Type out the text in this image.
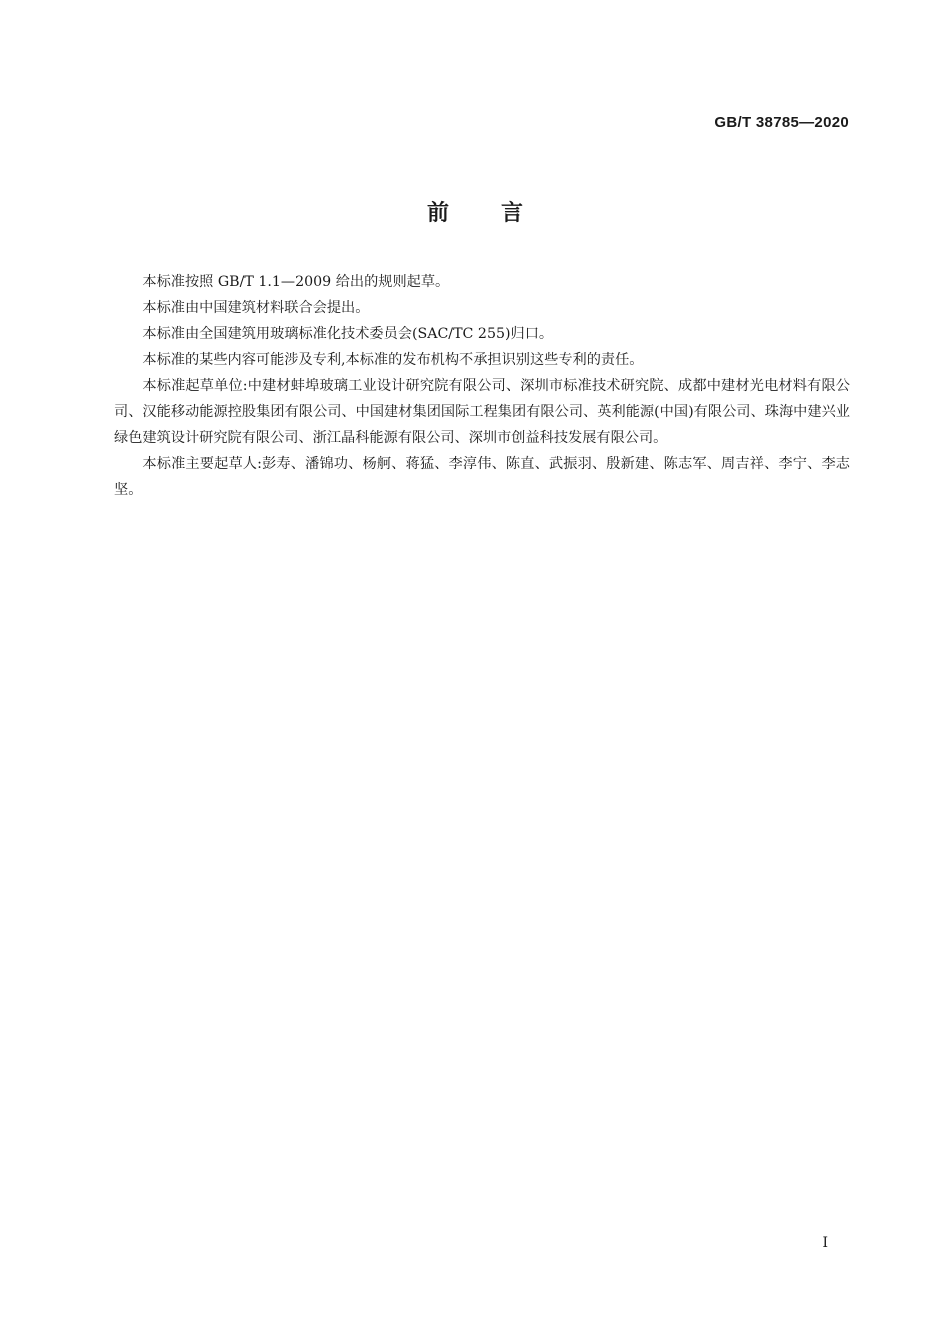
GB/T 38785—2020
前言

本标准按照 GB/T 1.1—2009 给出的规则起草。

本标准由中国建筑材料联合会提出。

本标准由全国建筑用玻璃标准化技术委员会(SAC/TC 255)归口。

本标准的某些内容可能涉及专利,本标准的发布机构不承担识别这些专利的责任。

本标准起草单位:中建材蚌埠玻璃工业设计研究院有限公司、深圳市标准技术研究院、成都中建材光电材料有限公司、汉能移动能源控股集团有限公司、中国建材集团国际工程集团有限公司、英利能源(中国)有限公司、珠海中建兴业绿色建筑设计研究院有限公司、浙江晶科能源有限公司、深圳市创益科技发展有限公司。

本标准主要起草人:彭寿、潘锦功、杨舸、蒋猛、李淳伟、陈直、武振羽、殷新建、陈志军、周吉祥、李宁、李志坚。

I
